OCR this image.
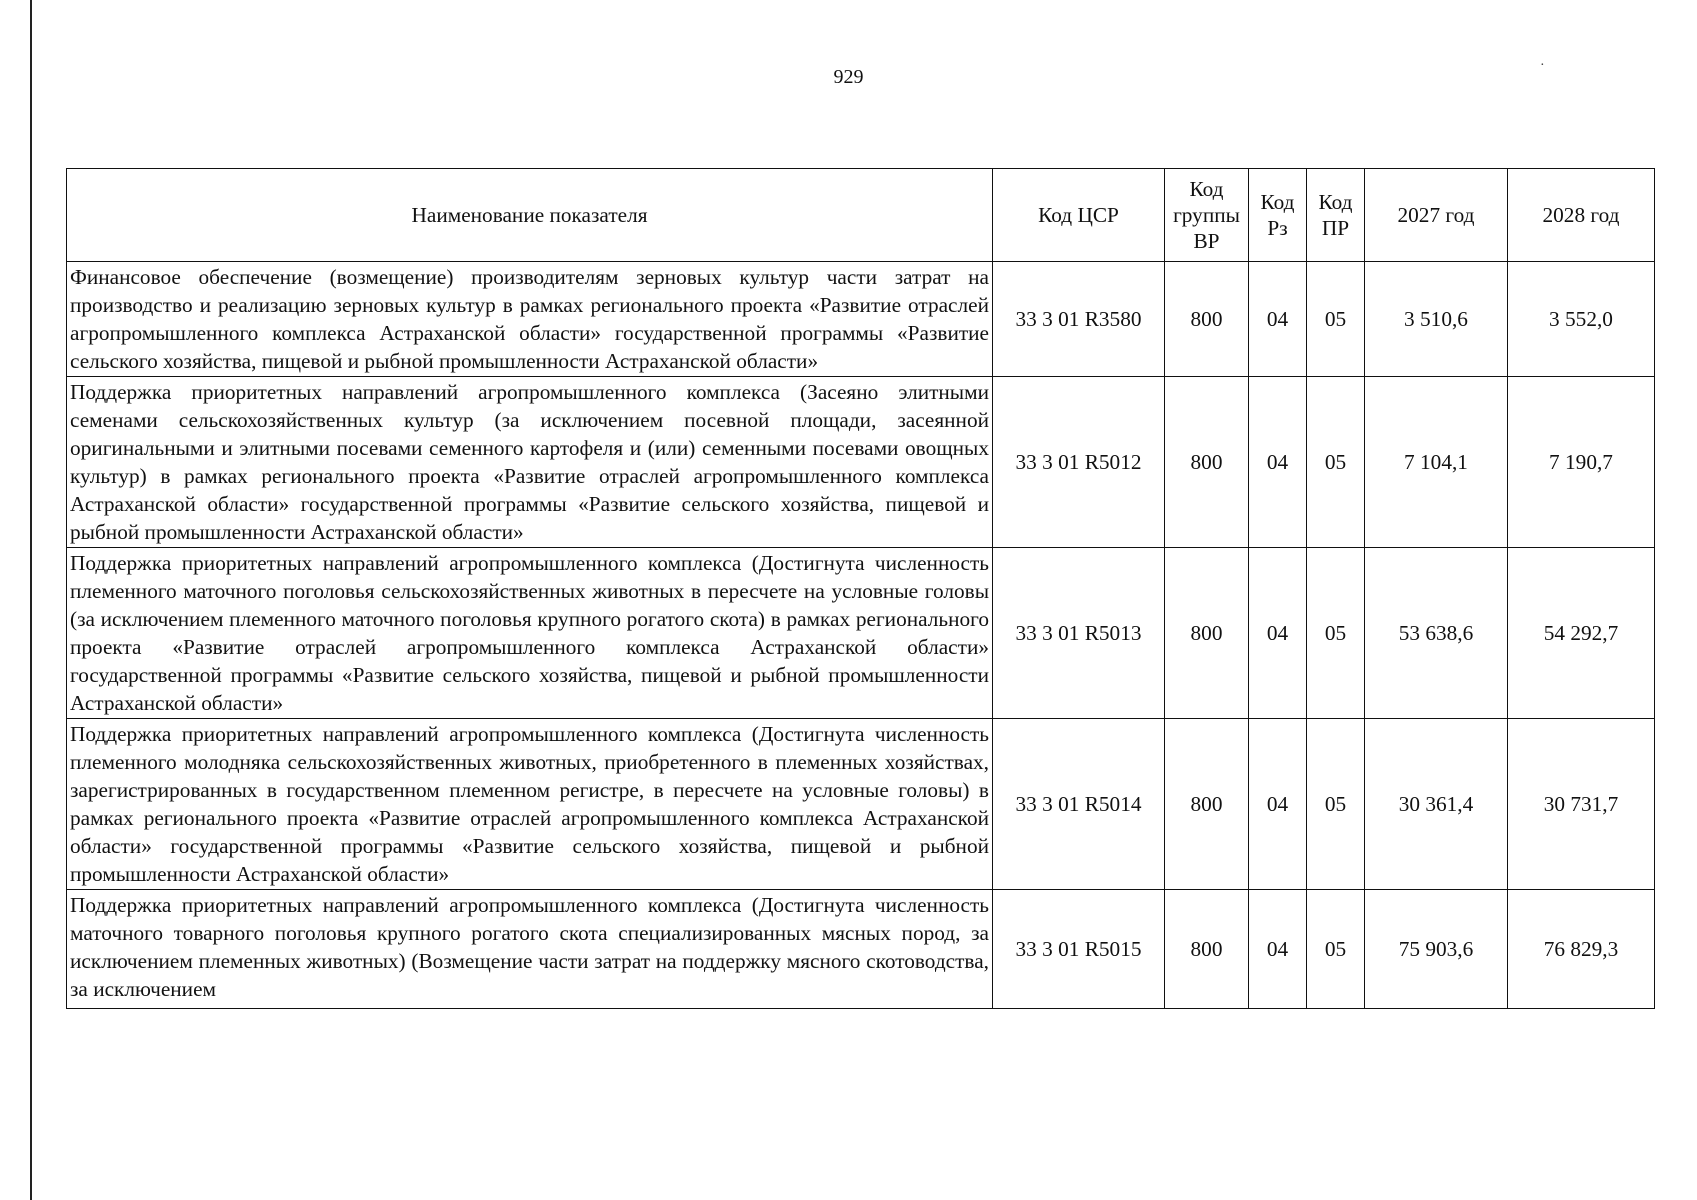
929
·
Наименование показателя	Код ЦСР	Код группы ВР	Код Рз	Код ПР	2027 год	2028 год
Финансовое обеспечение (возмещение) производителям зерновых культур части затрат на производство и реализацию зерновых культур в рамках регионального проекта «Развитие отраслей агропромышленного комплекса Астраханской области» государственной программы «Развитие сельского хозяйства, пищевой и рыбной промышленности Астраханской области»	33 3 01 R3580	800	04	05	3 510,6	3 552,0
Поддержка приоритетных направлений агропромышленного комплекса (Засеяно элитными семенами сельскохозяйственных культур (за исключением посевной площади, засеянной оригинальными и элитными посевами семенного картофеля и (или) семенными посевами овощных культур) в рамках регионального проекта «Развитие отраслей агропромышленного комплекса Астраханской области» государственной программы «Развитие сельского хозяйства, пищевой и рыбной промышленности Астраханской области»	33 3 01 R5012	800	04	05	7 104,1	7 190,7
Поддержка приоритетных направлений агропромышленного комплекса (Достигнута численность племенного маточного поголовья сельскохозяйственных животных в пересчете на условные головы (за исключением племенного маточного поголовья крупного рогатого скота) в рамках регионального проекта «Развитие отраслей агропромышленного комплекса Астраханской области» государственной программы «Развитие сельского хозяйства, пищевой и рыбной промышленности Астраханской области»	33 3 01 R5013	800	04	05	53 638,6	54 292,7
Поддержка приоритетных направлений агропромышленного комплекса (Достигнута численность племенного молодняка сельскохозяйственных животных, приобретенного в племенных хозяйствах, зарегистрированных в государственном племенном регистре, в пересчете на условные головы) в рамках регионального проекта «Развитие отраслей агропромышленного комплекса Астраханской области» государственной программы «Развитие сельского хозяйства, пищевой и рыбной промышленности Астраханской области»	33 3 01 R5014	800	04	05	30 361,4	30 731,7
Поддержка приоритетных направлений агропромышленного комплекса (Достигнута численность маточного товарного поголовья крупного рогатого скота специализированных мясных пород, за исключением племенных животных) (Возмещение части затрат на поддержку мясного скотоводства, за исключением	33 3 01 R5015	800	04	05	75 903,6	76 829,3
